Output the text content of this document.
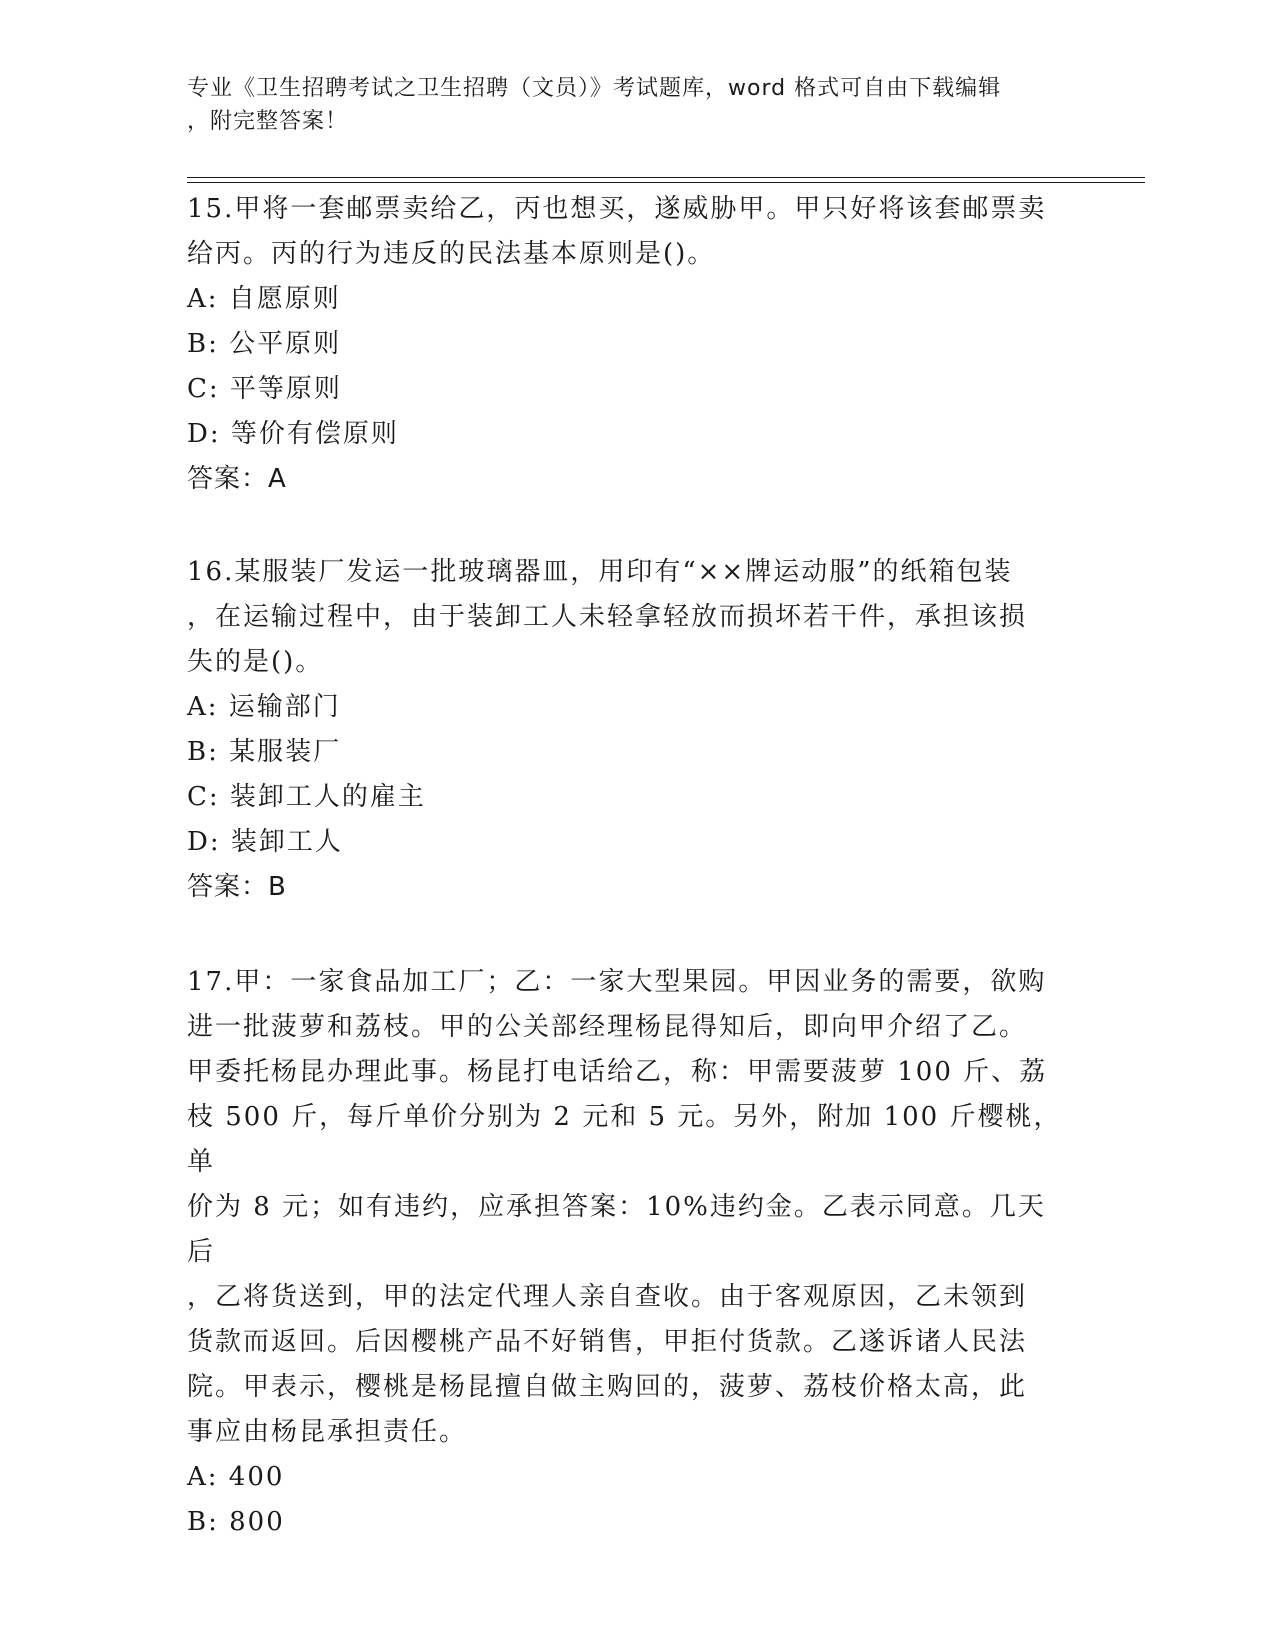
专业《卫生招聘考试之卫生招聘（文员）》考试题库，word 格式可自由下载编辑
，附完整答案！
15.甲将一套邮票卖给乙，丙也想买，遂威胁甲。甲只好将该套邮票卖
给丙。丙的行为违反的民法基本原则是()。
A: 自愿原则
B: 公平原则
C: 平等原则
D: 等价有偿原则
答案：A
16.某服装厂发运一批玻璃器皿，用印有“××牌运动服”的纸箱包装
，在运输过程中，由于装卸工人未轻拿轻放而损坏若干件，承担该损
失的是()。
A: 运输部门
B: 某服装厂
C: 装卸工人的雇主
D: 装卸工人
答案：B
17.甲：一家食品加工厂；乙：一家大型果园。甲因业务的需要，欲购
进一批菠萝和荔枝。甲的公关部经理杨昆得知后，即向甲介绍了乙。
甲委托杨昆办理此事。杨昆打电话给乙，称：甲需要菠萝 100 斤、荔
枝 500 斤，每斤单价分别为 2 元和 5 元。另外，附加 100 斤樱桃，单
价为 8 元；如有违约，应承担答案：10%违约金。乙表示同意。几天后
，乙将货送到，甲的法定代理人亲自查收。由于客观原因，乙未领到
货款而返回。后因樱桃产品不好销售，甲拒付货款。乙遂诉诸人民法
院。甲表示，樱桃是杨昆擅自做主购回的，菠萝、荔枝价格太高，此
事应由杨昆承担责任。
A: 400
B: 800
